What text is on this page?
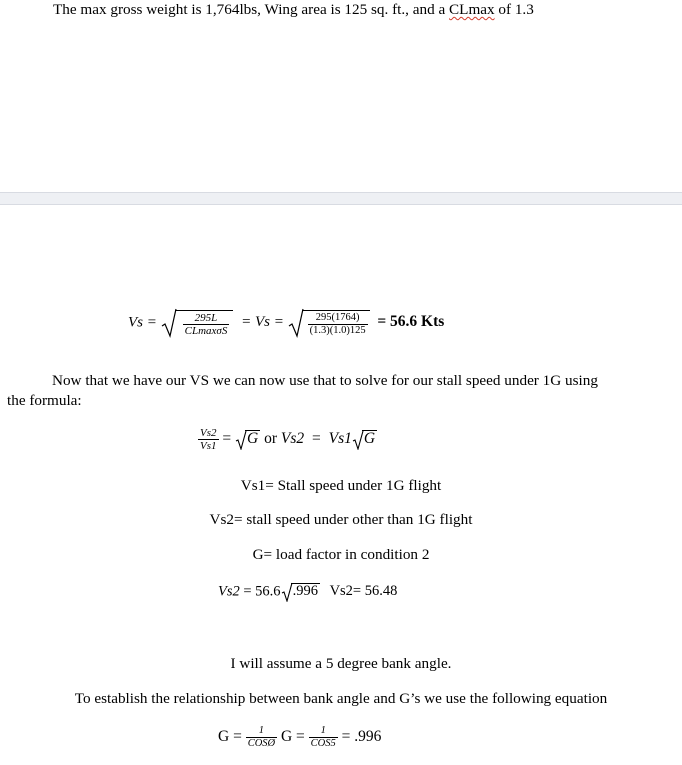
The max gross weight is 1,764lbs, Wing area is 125 sq. ft., and a CLmax of 1.3
$Vs = \frac{295L}{CLmax\sigma S} = Vs = \frac{295(1764)}{(1.3)(1.0)125} = 56.6$ Kts
Now that we have our VS we can now use that to solve for our stall speed under 1G using
the formula:
$\frac{Vs2}{Vs1} = G$ or Vs2 = Vs1 G
Vs1= Stall speed under 1G flight
Vs2= stall speed under other than 1G flight
G= load factor in condition 2
Vs2 = 56.6 .996 Vs2= 56.48
I will assume a 5 degree bank angle.
To establish the relationship between bank angle and G’s we use the following equation
$G = \frac{1}{\text{COSØ}}$ $G = \frac{1}{\text{COS5}} = .996$
